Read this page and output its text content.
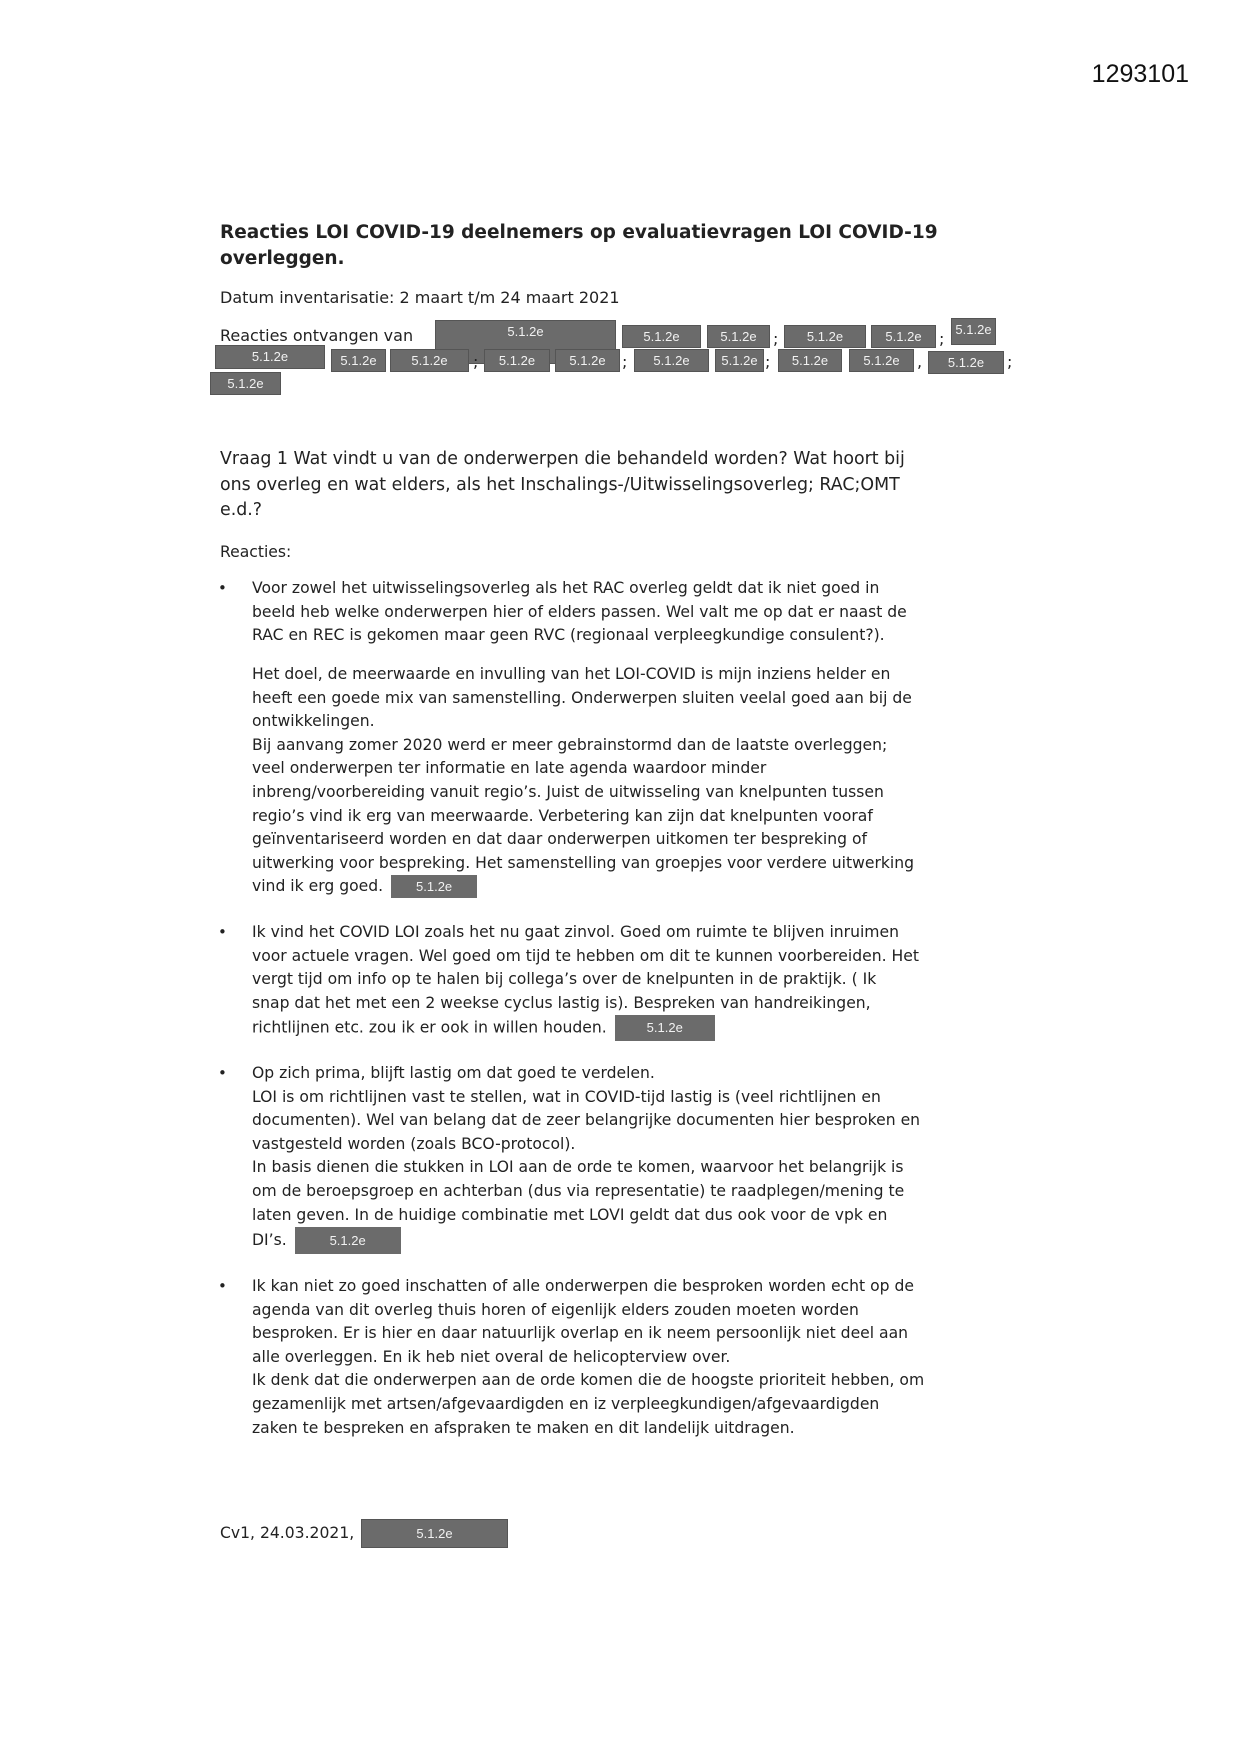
1293101
Reacties LOI COVID-19 deelnemers op evaluatievragen LOI COVID-19
overleggen.
Datum inventarisatie: 2 maart t/m 24 maart 2021
Reacties ontvangen van	5.1.2e	5.1.2e	5.1.2e	5.1.2e	5.1.2e	5.1.2e
5.1.2e	5.1.2e	5.1.2e	5.1.2e	5.1.2e	5.1.2e	5.1.2e	5.1.2e	5.1.2e	5.1.2e
5.1.2e
;	;
;	;	;	,	;
Vraag 1 Wat vindt u van de onderwerpen die behandeld worden? Wat hoort bij
ons overleg en wat elders, als het Inschalings-/Uitwisselingsoverleg; RAC;OMT
e.d.?
Reacties:
• Voor zowel het uitwisselingsoverleg als het RAC overleg geldt dat ik niet goed in
beeld heb welke onderwerpen hier of elders passen. Wel valt me op dat er naast de
RAC en REC is gekomen maar geen RVC (regionaal verpleegkundige consulent?).
Het doel, de meerwaarde en invulling van het LOI-COVID is mijn inziens helder en
heeft een goede mix van samenstelling. Onderwerpen sluiten veelal goed aan bij de
ontwikkelingen.
Bij aanvang zomer 2020 werd er meer gebrainstormd dan de laatste overleggen;
veel onderwerpen ter informatie en late agenda waardoor minder
inbreng/voorbereiding vanuit regio’s. Juist de uitwisseling van knelpunten tussen
regio’s vind ik erg van meerwaarde. Verbetering kan zijn dat knelpunten vooraf
geïnventariseerd worden en dat daar onderwerpen uitkomen ter bespreking of
uitwerking voor bespreking. Het samenstelling van groepjes voor verdere uitwerking
vind ik erg goed.	5.1.2e
• Ik vind het COVID LOI zoals het nu gaat zinvol. Goed om ruimte te blijven inruimen
voor actuele vragen. Wel goed om tijd te hebben om dit te kunnen voorbereiden. Het
vergt tijd om info op te halen bij collega’s over de knelpunten in de praktijk. ( Ik
snap dat het met een 2 weekse cyclus lastig is). Bespreken van handreikingen,
richtlijnen etc. zou ik er ook in willen houden.	5.1.2e
• Op zich prima, blijft lastig om dat goed te verdelen.
LOI is om richtlijnen vast te stellen, wat in COVID-tijd lastig is (veel richtlijnen en
documenten). Wel van belang dat de zeer belangrijke documenten hier besproken en
vastgesteld worden (zoals BCO-protocol).
In basis dienen die stukken in LOI aan de orde te komen, waarvoor het belangrijk is
om de beroepsgroep en achterban (dus via representatie) te raadplegen/mening te
laten geven. In de huidige combinatie met LOVI geldt dat dus ook voor de vpk en
DI’s.	5.1.2e
• Ik kan niet zo goed inschatten of alle onderwerpen die besproken worden echt op de
agenda van dit overleg thuis horen of eigenlijk elders zouden moeten worden
besproken. Er is hier en daar natuurlijk overlap en ik neem persoonlijk niet deel aan
alle overleggen. En ik heb niet overal de helicopterview over.
Ik denk dat die onderwerpen aan de orde komen die de hoogste prioriteit hebben, om
gezamenlijk met artsen/afgevaardigden en iz verpleegkundigen/afgevaardigden
zaken te bespreken en afspraken te maken en dit landelijk uitdragen.
Cv1, 24.03.2021,	5.1.2e
